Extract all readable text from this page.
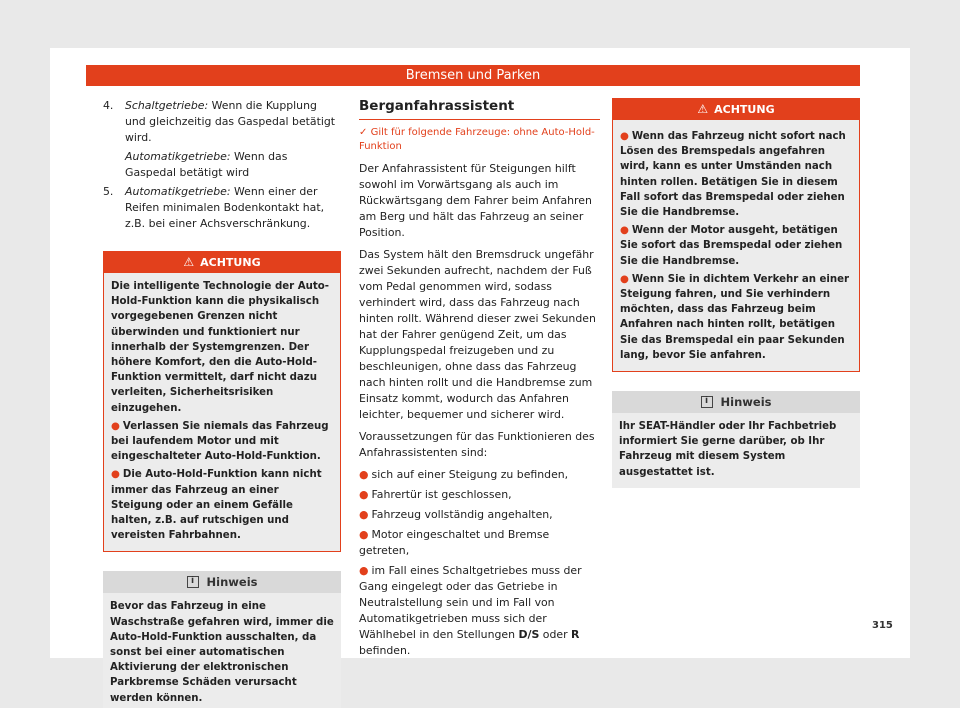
Bremsen und Parken
4.	Schaltgetriebe: Wenn die Kupplung und gleichzeitig das Gaspedal betätigt wird.

Automatikgetriebe: Wenn das Gaspedal betätigt wird

5.	Automatikgetriebe: Wenn einer der Reifen minimalen Bodenkontakt hat, z.B. bei einer Achsverschränkung.

⚠ ACHTUNG

Die intelligente Technologie der Auto-Hold-Funktion kann die physikalisch vorgegebenen Grenzen nicht überwinden und funktioniert nur innerhalb der Systemgrenzen. Der höhere Komfort, den die Auto-Hold-Funktion vermittelt, darf nicht dazu verleiten, Sicherheitsrisiken einzugehen.

● Verlassen Sie niemals das Fahrzeug bei laufendem Motor und mit eingeschalteter Auto-Hold-Funktion.

● Die Auto-Hold-Funktion kann nicht immer das Fahrzeug an einer Steigung oder an einem Gefälle halten, z.B. auf rutschigen und vereisten Fahrbahnen.

i	Hinweis

Bevor das Fahrzeug in eine Waschstraße gefahren wird, immer die Auto-Hold-Funktion ausschalten, da sonst bei einer automatischen Aktivierung der elektronischen Parkbremse Schäden verursacht werden können.

Berganfahrassistent
✓ Gilt für folgende Fahrzeuge: ohne Auto-Hold-Funktion

Der Anfahrassistent für Steigungen hilft sowohl im Vorwärtsgang als auch im Rückwärtsgang dem Fahrer beim Anfahren am Berg und hält das Fahrzeug an seiner Position.

Das System hält den Bremsdruck ungefähr zwei Sekunden aufrecht, nachdem der Fuß vom Pedal genommen wird, sodass verhindert wird, dass das Fahrzeug nach hinten rollt. Während dieser zwei Sekunden hat der Fahrer genügend Zeit, um das Kupplungspedal freizugeben und zu beschleunigen, ohne dass das Fahrzeug nach hinten rollt und die Handbremse zum Einsatz kommt, wodurch das Anfahren leichter, bequemer und sicherer wird.

Voraussetzungen für das Funktionieren des Anfahrassistenten sind:

● sich auf einer Steigung zu befinden,
● Fahrertür ist geschlossen,
● Fahrzeug vollständig angehalten,
● Motor eingeschaltet und Bremse getreten,
● im Fall eines Schaltgetriebes muss der Gang eingelegt oder das Getriebe in Neutralstellung sein und im Fall von Automatikgetrieben muss sich der Wählhebel in den Stellungen D/S oder R befinden.
⚠ ACHTUNG

● Wenn das Fahrzeug nicht sofort nach Lösen des Bremspedals angefahren wird, kann es unter Umständen nach hinten rollen. Betätigen Sie in diesem Fall sofort das Bremspedal oder ziehen Sie die Handbremse.

● Wenn der Motor ausgeht, betätigen Sie sofort das Bremspedal oder ziehen Sie die Handbremse.

● Wenn Sie in dichtem Verkehr an einer Steigung fahren, und Sie verhindern möchten, dass das Fahrzeug beim Anfahren nach hinten rollt, betätigen Sie das Bremspedal ein paar Sekunden lang, bevor Sie anfahren.

i	Hinweis

Ihr SEAT-Händler oder Ihr Fachbetrieb informiert Sie gerne darüber, ob Ihr Fahrzeug mit diesem System ausgestattet ist.

315
